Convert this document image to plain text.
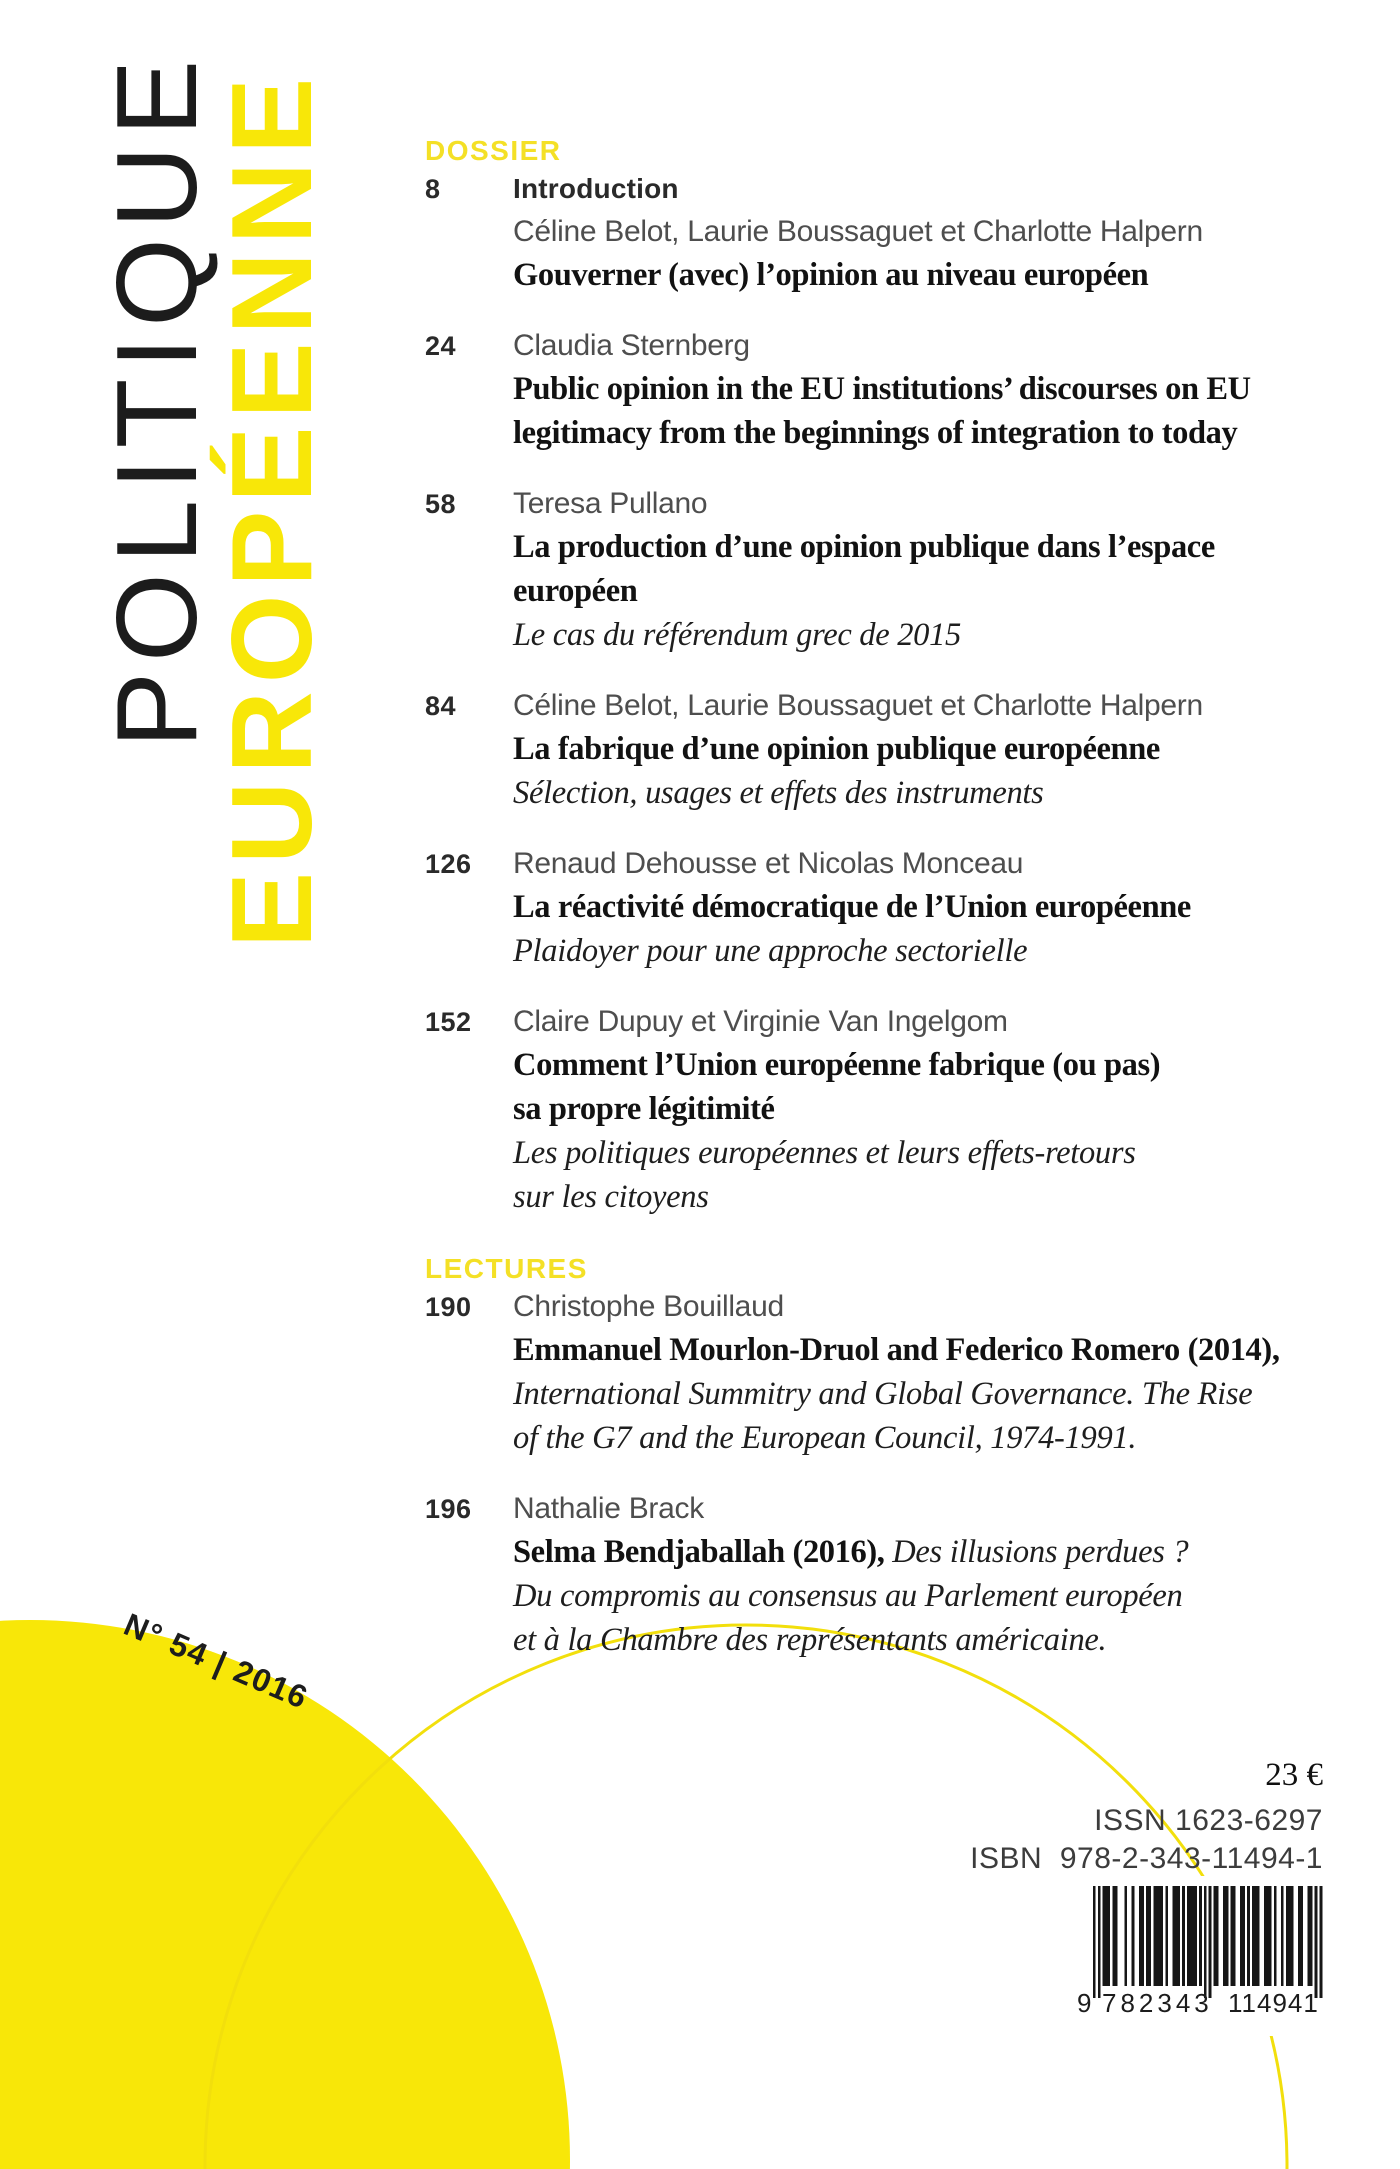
POLITIQUE
EUROPÉENNE	DOSSIER
8	Introduction
Céline Belot, Laurie Boussaguet et Charlotte Halpern
Gouverner (avec) l’opinion au niveau européen
24 Claudia Sternberg
Public opinion in the EU institutions’ discourses on EU
legitimacy from the beginnings of integration to today
58 Teresa Pullano
La production d’une opinion publique dans l’espace
européen
Le cas du référendum grec de 2015
84 Céline Belot, Laurie Boussaguet et Charlotte Halpern
La fabrique d’une opinion publique européenne
Sélection, usages et effets des instruments
126 Renaud Dehousse et Nicolas Monceau
La réactivité démocratique de l’Union européenne
Plaidoyer pour une approche sectorielle
152 Claire Dupuy et Virginie Van Ingelgom
Comment l’Union européenne fabrique (ou pas)
sa propre légitimité
Les politiques européennes et leurs effets-retours
sur les citoyens
LECTURES
190 Christophe Bouillaud
Emmanuel Mourlon-Druol and Federico Romero (2014),
International Summitry and Global Governance. The Rise
of the G7 and the European Council, 1974-1991.
196 Nathalie Brack
Selma Bendjaballah (2016), Des illusions perdues ?
Du compromis au consensus au Parlement européen
et à la Chambre des représentants américaine.
N° 54 | 2016
23 €
ISSN 1623-6297
ISBN  978-2-343-11494-1
9 782343 114941
